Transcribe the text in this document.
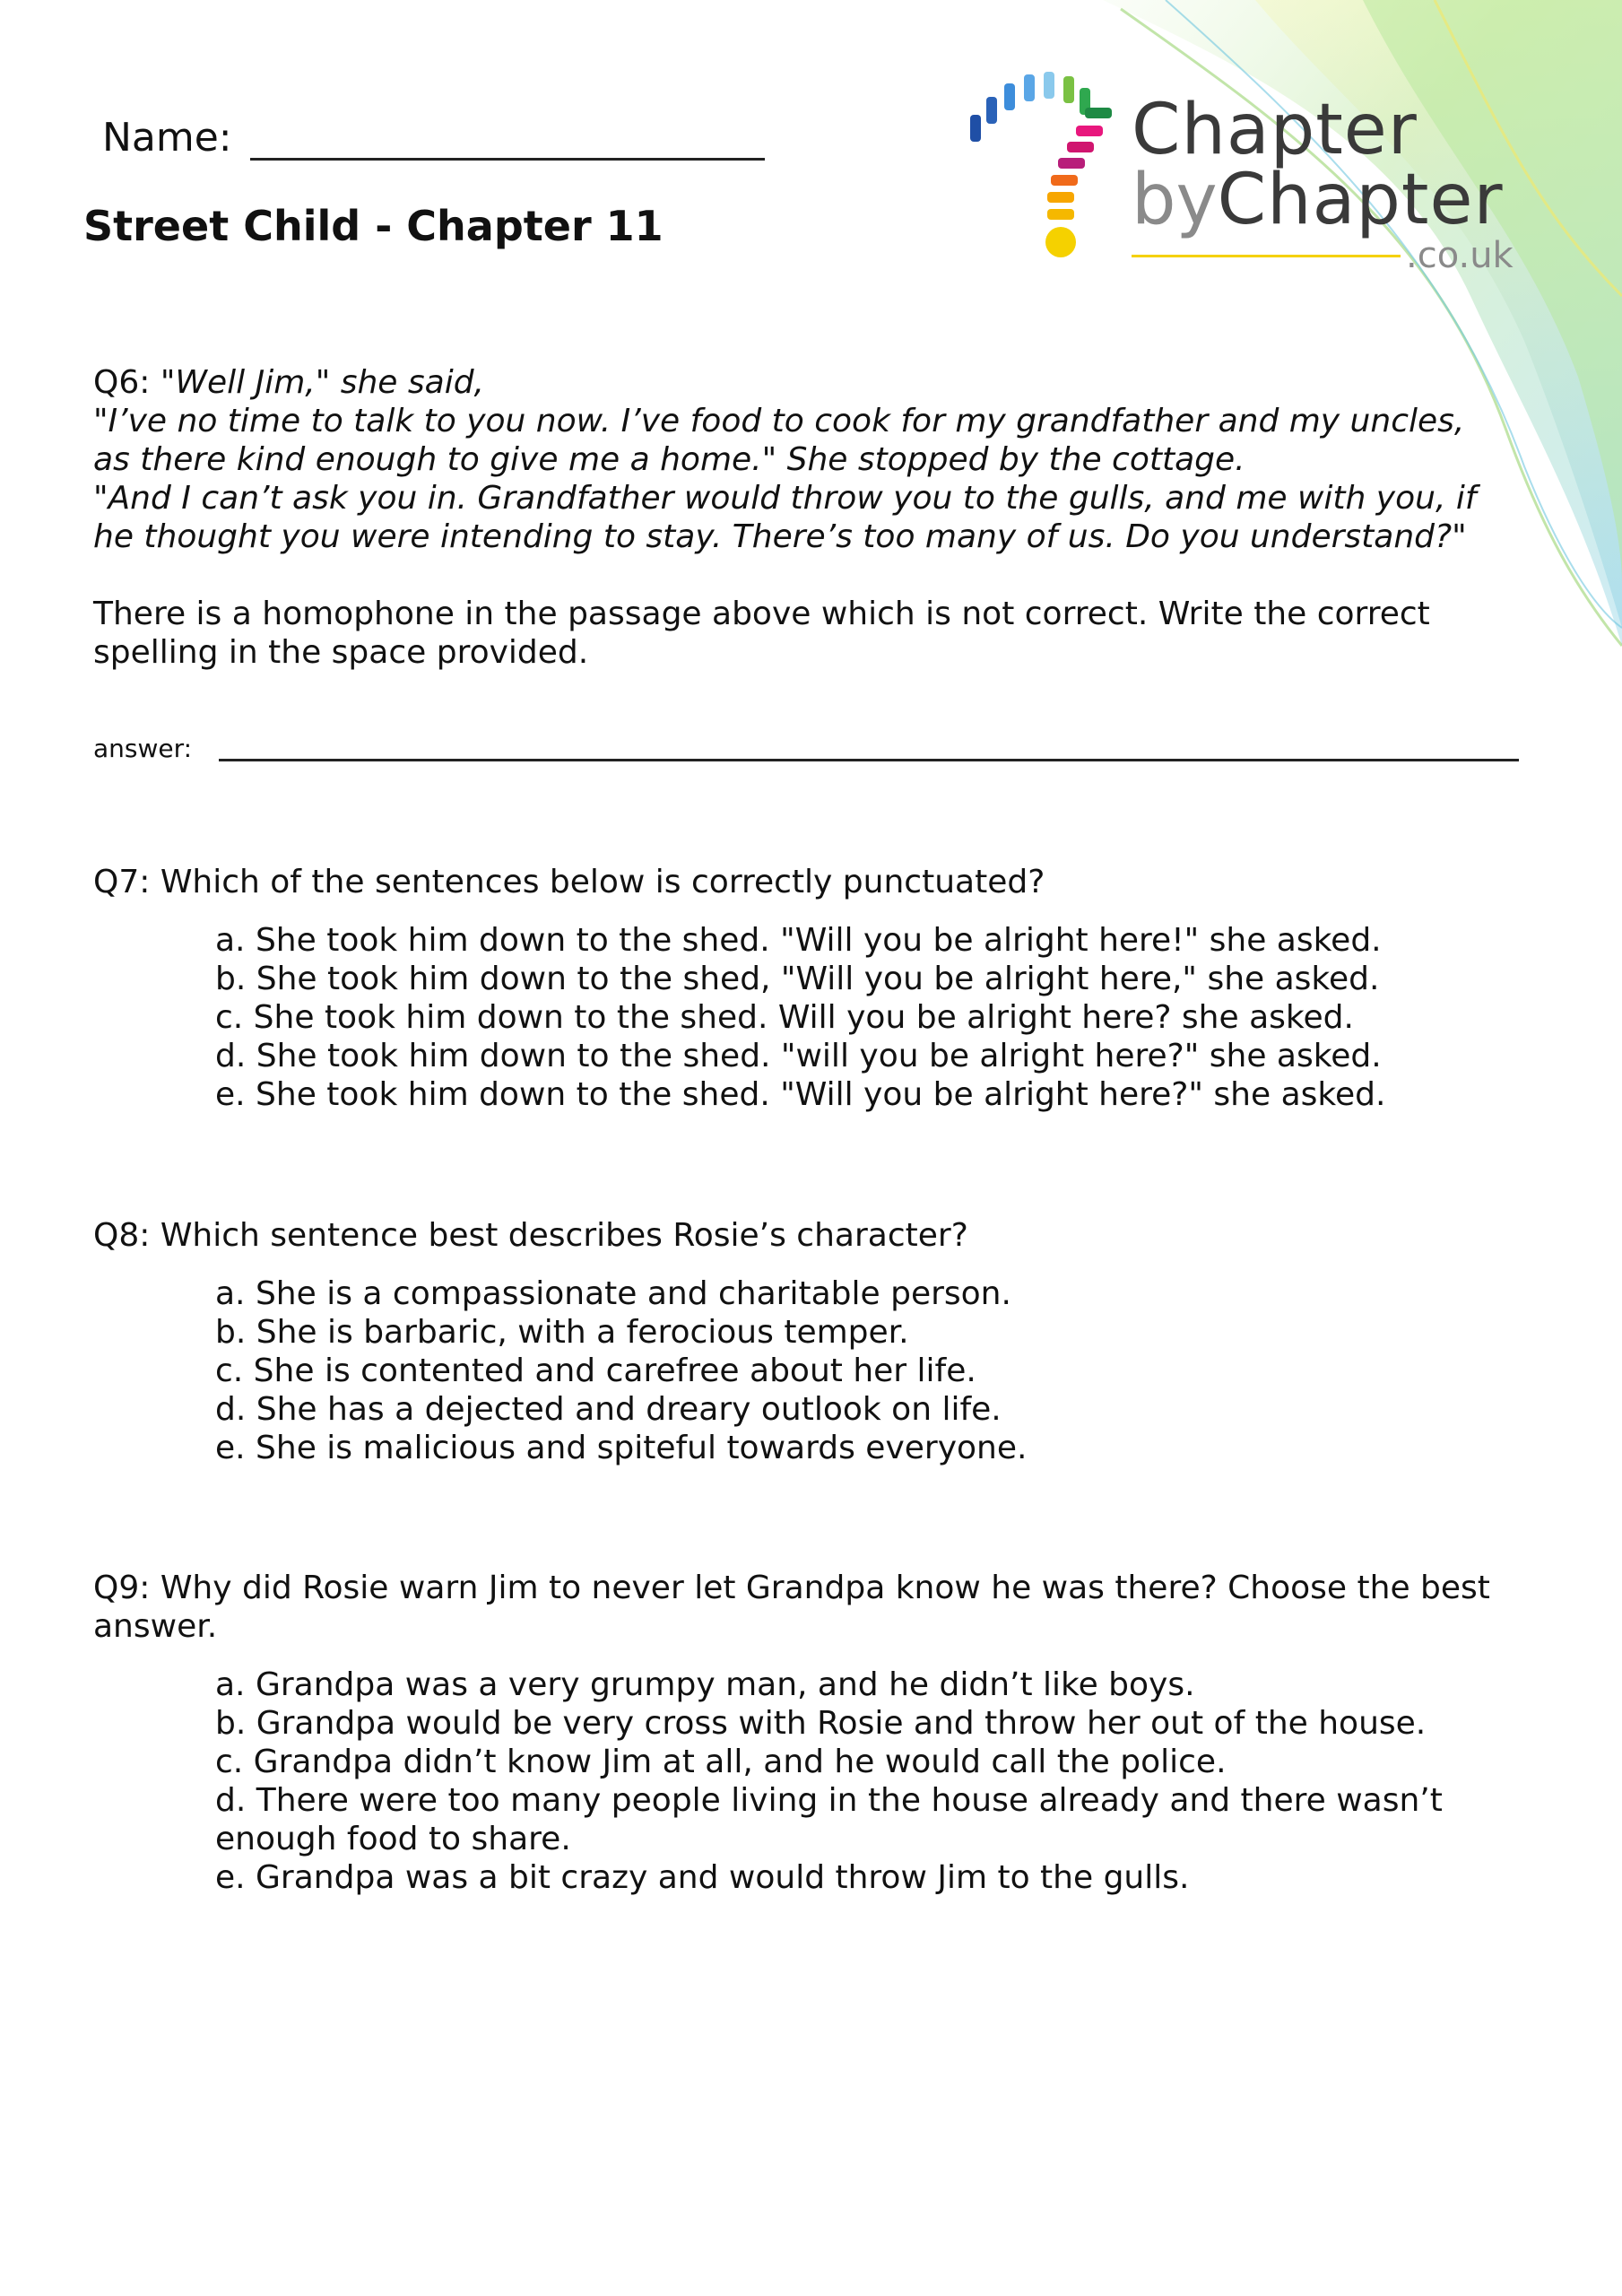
Name:
Street Child - Chapter 11
Chapter
byChapter
.co.uk
Q6: "Well Jim," she said,
"I’ve no time to talk to you now. I’ve food to cook for my grandfather and my uncles,
as there kind enough to give me a home." She stopped by the cottage.
"And I can’t ask you in. Grandfather would throw you to the gulls, and me with you, if
he thought you were intending to stay. There’s too many of us. Do you understand?"
There is a homophone in the passage above which is not correct. Write the correct
spelling in the space provided.
answer:
Q7: Which of the sentences below is correctly punctuated?
a. She took him down to the shed. "Will you be alright here!" she asked.
b. She took him down to the shed, "Will you be alright here," she asked.
c. She took him down to the shed. Will you be alright here? she asked.
d. She took him down to the shed. "will you be alright here?" she asked.
e. She took him down to the shed. "Will you be alright here?" she asked.
Q8: Which sentence best describes Rosie’s character?
a. She is a compassionate and charitable person.
b. She is barbaric, with a ferocious temper.
c. She is contented and carefree about her life.
d. She has a dejected and dreary outlook on life.
e. She is malicious and spiteful towards everyone.
Q9: Why did Rosie warn Jim to never let Grandpa know he was there? Choose the best
answer.
a. Grandpa was a very grumpy man, and he didn’t like boys.
b. Grandpa would be very cross with Rosie and throw her out of the house.
c. Grandpa didn’t know Jim at all, and he would call the police.
d. There were too many people living in the house already and there wasn’t
enough food to share.
e. Grandpa was a bit crazy and would throw Jim to the gulls.
